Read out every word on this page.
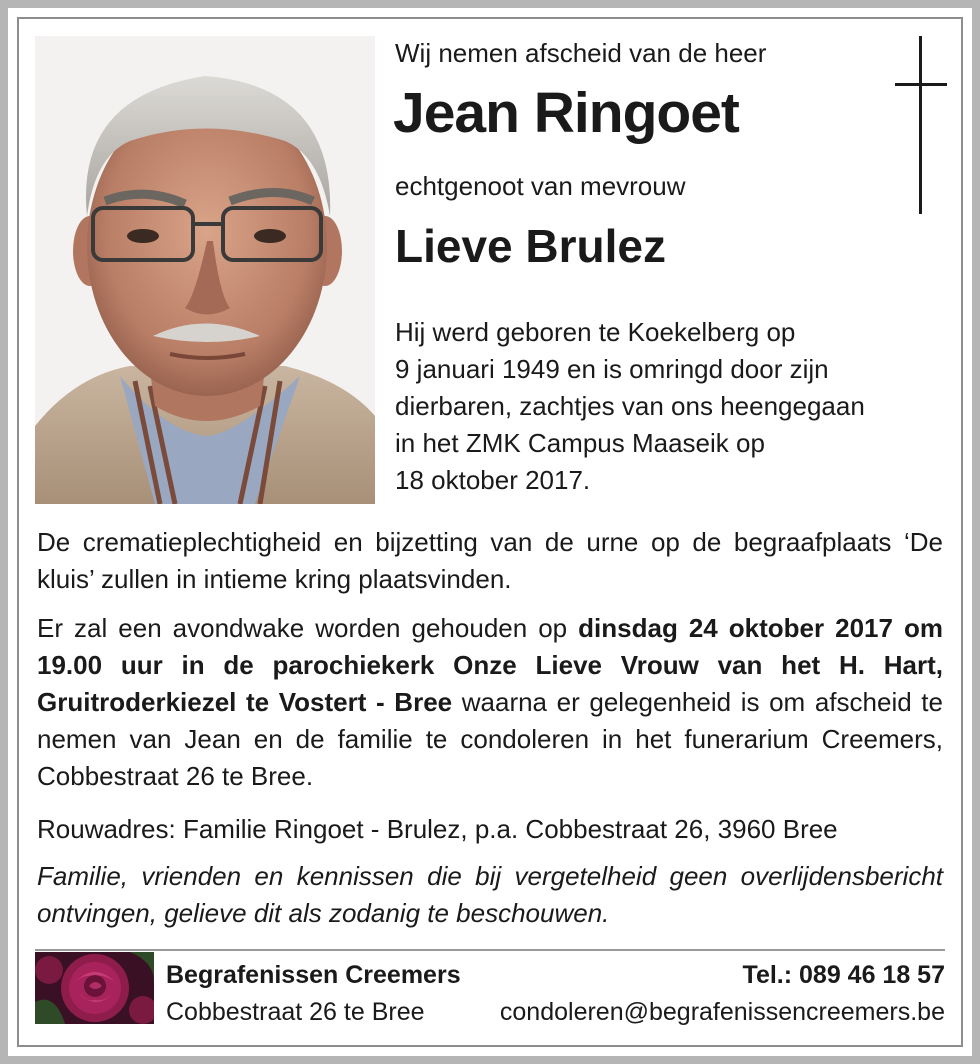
Wij nemen afscheid van de heer
Jean Ringoet
echtgenoot van mevrouw
Lieve Brulez
Hij werd geboren te Koekelberg op
9 januari 1949 en is omringd door zijn
dierbaren, zachtjes van ons heengegaan
in het ZMK Campus Maaseik op
18 oktober 2017.
De crematieplechtigheid en bijzetting van de urne op de begraafplaats ‘De kluis’ zullen in intieme kring plaatsvinden.
Er zal een avondwake worden gehouden op dinsdag 24 oktober 2017 om 19.00 uur in de parochiekerk Onze Lieve Vrouw van het H. Hart, Gruitroderkiezel te Vostert - Bree waarna er gelegenheid is om afscheid te nemen van Jean en de familie te condoleren in het funerarium Creemers, Cobbestraat 26 te Bree.
Rouwadres: Familie Ringoet - Brulez, p.a. Cobbestraat 26, 3960 Bree
Familie, vrienden en kennissen die bij vergetelheid geen overlijdensbericht ontvingen, gelieve dit als zodanig te beschouwen.
Begrafenissen Creemers
Cobbestraat 26 te Bree
Tel.: 089 46 18 57
condoleren@begrafenissencreemers.be
